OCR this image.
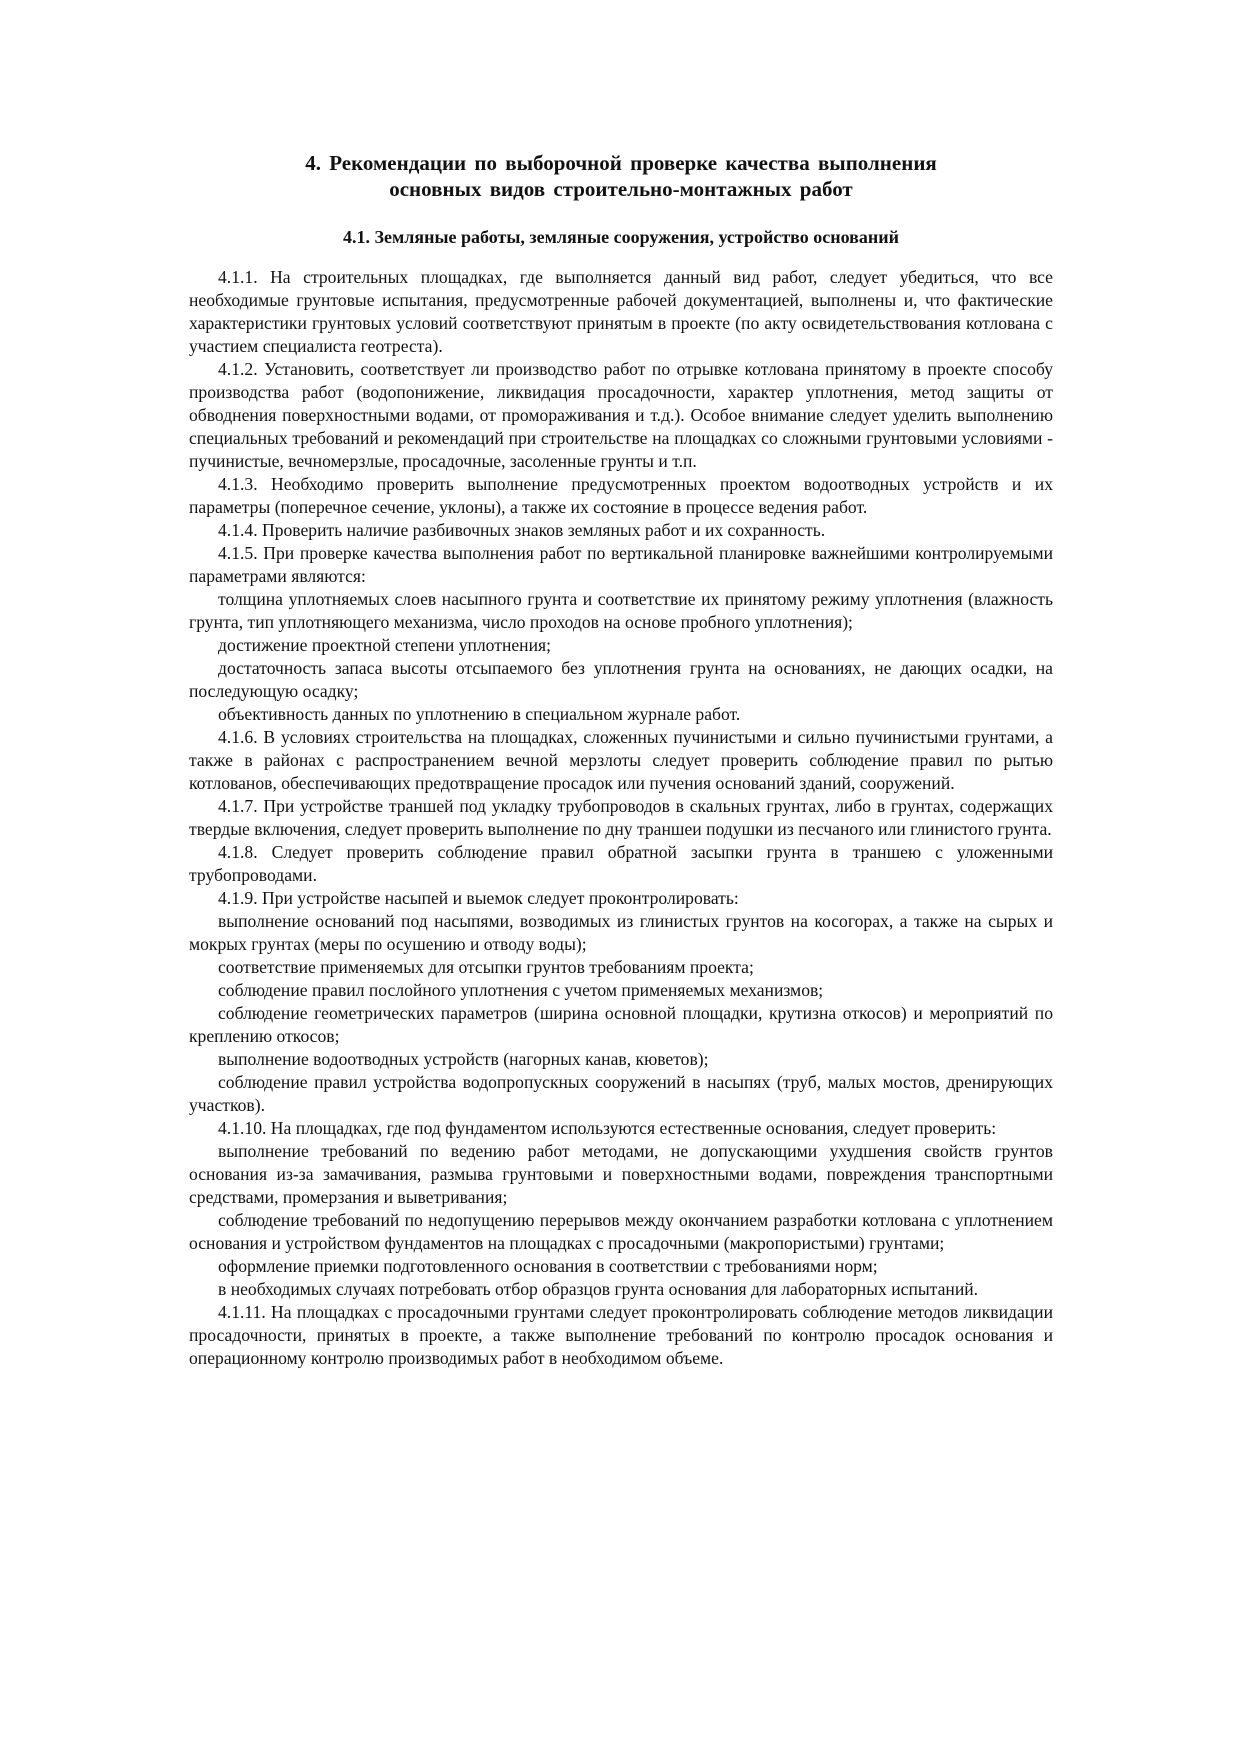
4. Рекомендации по выборочной проверке качества выполнения
основных видов строительно-монтажных работ
4.1. Земляные работы, земляные сооружения, устройство оснований

4.1.1. На строительных площадках, где выполняется данный вид работ, следует убедиться, что все необходимые грунтовые испытания, предусмотренные рабочей документацией, выполнены и, что фактические характеристики грунтовых условий соответствуют принятым в проекте (по акту освидетельствования котлована с участием специалиста геотреста).

4.1.2. Установить, соответствует ли производство работ по отрывке котлована принятому в проекте способу производства работ (водопонижение, ликвидация просадочности, характер уплотнения, метод защиты от обводнения поверхностными водами, от промораживания и т.д.). Особое внимание следует уделить выполнению специальных требований и рекомендаций при строительстве на площадках со сложными грунтовыми условиями - пучинистые, вечномерзлые, просадочные, засоленные грунты и т.п.

4.1.3. Необходимо проверить выполнение предусмотренных проектом водоотводных устройств и их параметры (поперечное сечение, уклоны), а также их состояние в процессе ведения работ.

4.1.4. Проверить наличие разбивочных знаков земляных работ и их сохранность.

4.1.5. При проверке качества выполнения работ по вертикальной планировке важнейшими контролируемыми параметрами являются:

толщина уплотняемых слоев насыпного грунта и соответствие их принятому режиму уплотнения (влажность грунта, тип уплотняющего механизма, число проходов на основе пробного уплотнения);

достижение проектной степени уплотнения;

достаточность запаса высоты отсыпаемого без уплотнения грунта на основаниях, не дающих осадки, на последующую осадку;

объективность данных по уплотнению в специальном журнале работ.

4.1.6. В условиях строительства на площадках, сложенных пучинистыми и сильно пучинистыми грунтами, а также в районах с распространением вечной мерзлоты следует проверить соблюдение правил по рытью котлованов, обеспечивающих предотвращение просадок или пучения оснований зданий, сооружений.

4.1.7. При устройстве траншей под укладку трубопроводов в скальных грунтах, либо в грунтах, содержащих твердые включения, следует проверить выполнение по дну траншеи подушки из песчаного или глинистого грунта.

4.1.8. Следует проверить соблюдение правил обратной засыпки грунта в траншею с уложенными трубопроводами.

4.1.9. При устройстве насыпей и выемок следует проконтролировать:

выполнение оснований под насыпями, возводимых из глинистых грунтов на косогорах, а также на сырых и мокрых грунтах (меры по осушению и отводу воды);

соответствие применяемых для отсыпки грунтов требованиям проекта;

соблюдение правил послойного уплотнения с учетом применяемых механизмов;

соблюдение геометрических параметров (ширина основной площадки, крутизна откосов) и мероприятий по креплению откосов;

выполнение водоотводных устройств (нагорных канав, кюветов);

соблюдение правил устройства водопропускных сооружений в насыпях (труб, малых мостов, дренирующих участков).

4.1.10. На площадках, где под фундаментом используются естественные основания, следует проверить:

выполнение требований по ведению работ методами, не допускающими ухудшения свойств грунтов основания из-за замачивания, размыва грунтовыми и поверхностными водами, повреждения транспортными средствами, промерзания и выветривания;

соблюдение требований по недопущению перерывов между окончанием разработки котлована с уплотнением основания и устройством фундаментов на площадках с просадочными (макропористыми) грунтами;

оформление приемки подготовленного основания в соответствии с требованиями норм;

в необходимых случаях потребовать отбор образцов грунта основания для лабораторных испытаний.

4.1.11. На площадках с просадочными грунтами следует проконтролировать соблюдение методов ликвидации просадочности, принятых в проекте, а также выполнение требований по контролю просадок основания и операционному контролю производимых работ в необходимом объеме.
